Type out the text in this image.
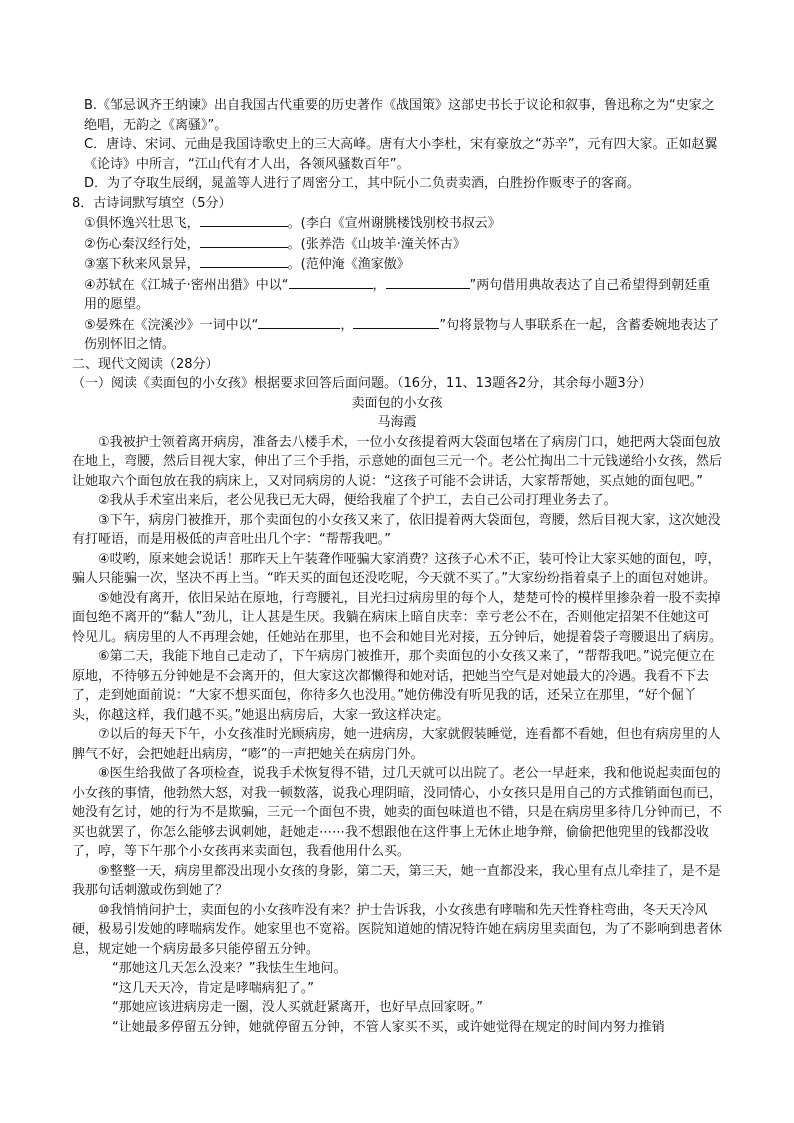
B.《邹忌讽齐王纳谏》出自我国古代重要的历史著作《战国策》这部史书长于议论和叙事，鲁迅称之为“史家之绝唱，无韵之《离骚》”。

C．唐诗、宋词、元曲是我国诗歌史上的三大高峰。唐有大小李杜，宋有豪放之“苏辛”，元有四大家。正如赵翼《论诗》中所言，“江山代有才人出，各领风骚数百年”。

D．为了夺取生辰纲，晁盖等人进行了周密分工，其中阮小二负责卖酒，白胜扮作贩枣子的客商。

8．古诗词默写填空（5分）

①俱怀逸兴壮思飞，	。(李白《宣州谢朓楼饯别校书叔云》

②伤心秦汉经行处，	。(张养浩《山坡羊·潼关怀古》

③塞下秋来风景异，	。(范仲淹《渔家傲》

④苏轼在《江城子·密州出猎》中以“	，	”两句借用典故表达了自己希望得到朝廷重用的愿望。

⑤晏殊在《浣溪沙》一词中以“	，	”句将景物与人事联系在一起，含蓄委婉地表达了伤别怀旧之情。

二、现代文阅读（28分）

（一）阅读《卖面包的小女孩》根据要求回答后面问题。（16分，11、13题各2分，其余每小题3分）

卖面包的小女孩

马海霞

①我被护士领着离开病房，准备去八楼手术，一位小女孩提着两大袋面包堵在了病房门口，她把两大袋面包放在地上，弯腰，然后目视大家，伸出了三个手指，示意她的面包三元一个。老公忙掏出二十元钱递给小女孩，然后让她取六个面包放在我的病床上，又对同病房的人说：“这孩子可能不会讲话，大家帮帮她，买点她的面包吧。”

②我从手术室出来后，老公见我已无大碍，便给我雇了个护工，去自己公司打理业务去了。

③下午，病房门被推开，那个卖面包的小女孩又来了，依旧提着两大袋面包，弯腰，然后目视大家，这次她没有打哑语，而是用极低的声音吐出几个字：“帮帮我吧。”

④哎哟，原来她会说话！那昨天上午装聋作哑骗大家消费？这孩子心术不正，装可怜让大家买她的面包，哼，骗人只能骗一次，坚决不再上当。“昨天买的面包还没吃呢，今天就不买了。”大家纷纷指着桌子上的面包对她讲。

⑤她没有离开，依旧呆站在原地，行弯腰礼，目光扫过病房里的每个人，楚楚可怜的模样里掺杂着一股不卖掉面包绝不离开的“黏人”劲儿，让人甚是生厌。我躺在病床上暗自庆幸：幸亏老公不在，否则他定招架不住她这可怜见儿。病房里的人不再理会她，任她站在那里，也不会和她目光对接，五分钟后，她提着袋子弯腰退出了病房。

⑥第二天，我能下地自己走动了，下午病房门被推开，那个卖面包的小女孩又来了，“帮帮我吧。”说完便立在原地，不待够五分钟她是不会离开的，但大家这次都懒得和她对话，把她当空气是对她最大的冷遇。我看不下去了，走到她面前说：“大家不想买面包，你待多久也没用。”她仿佛没有听见我的话，还呆立在那里，“好个倔丫头，你越这样，我们越不买。”她退出病房后，大家一致这样决定。

⑦以后的每天下午，小女孩准时光顾病房，她一进病房，大家就假装睡觉，连看都不看她，但也有病房里的人脾气不好，会把她赶出病房，“嘭”的一声把她关在病房门外。

⑧医生给我做了各项检查，说我手术恢复得不错，过几天就可以出院了。老公一早赶来，我和他说起卖面包的小女孩的事情，他勃然大怒，对我一顿数落，说我心理阴暗，没同情心，小女孩只是用自己的方式推销面包而已，她没有乞讨，她的行为不是欺骗，三元一个面包不贵，她卖的面包味道也不错，只是在病房里多待几分钟而已，不买也就罢了，你怎么能够去讽刺她，赶她走⋯⋯我不想跟他在这件事上无休止地争辩，偷偷把他兜里的钱都没收了，哼，等下午那个小女孩再来卖面包，我看他用什么买。

⑨整整一天，病房里都没出现小女孩的身影，第二天，第三天，她一直都没来，我心里有点儿牵挂了，是不是我那句话刺激或伤到她了？

⑩我悄悄问护士，卖面包的小女孩咋没有来？护士告诉我，小女孩患有哮喘和先天性脊柱弯曲，冬天天冷风硬，极易引发她的哮喘病发作。她家里也不宽裕。医院知道她的情况特许她在病房里卖面包，为了不影响到患者休息，规定她一个病房最多只能停留五分钟。

“那她这几天怎么没来？”我怯生生地问。

“这几天天冷，肯定是哮喘病犯了。”

“那她应该进病房走一圈，没人买就赶紧离开，也好早点回家呀。”

“让她最多停留五分钟，她就停留五分钟，不管人家买不买，或许她觉得在规定的时间内努力推销
